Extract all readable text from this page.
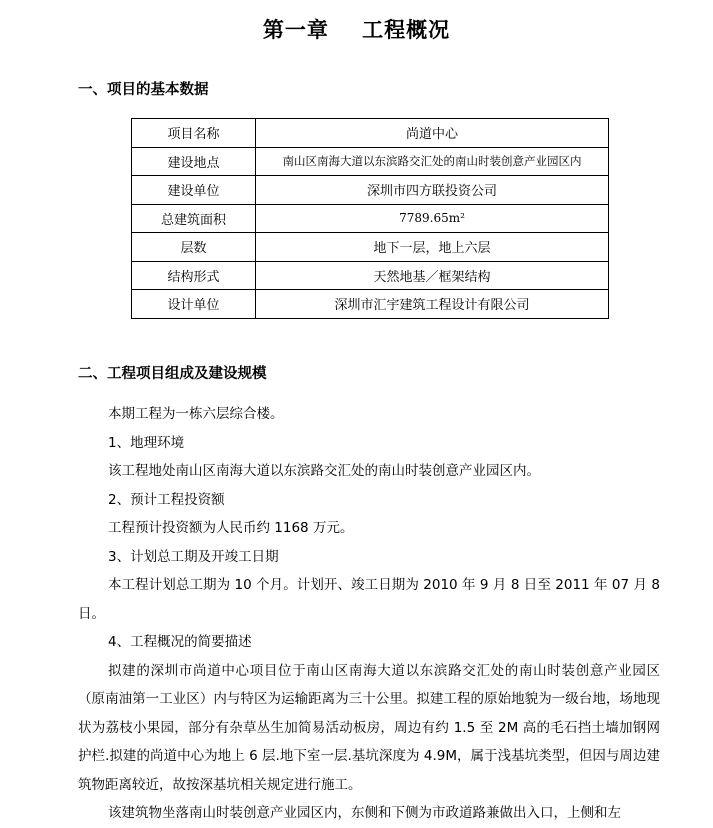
第一章    工程概况
一、项目的基本数据
项目名称	尚道中心
建设地点	南山区南海大道以东滨路交汇处的南山时装创意产业园区内
建设单位	深圳市四方联投资公司
总建筑面积	7789.65m²
层数	地下一层，地上六层
结构形式	天然地基／框架结构
设计单位	深圳市汇宇建筑工程设计有限公司
二、工程项目组成及建设规模
本期工程为一栋六层综合楼。
1、地理环境
该工程地处南山区南海大道以东滨路交汇处的南山时装创意产业园区内。
2、预计工程投资额
工程预计投资额为人民币约 1168 万元。
3、计划总工期及开竣工日期
本工程计划总工期为 10 个月。计划开、竣工日期为 2010 年 9 月 8 日至 2011 年 07 月 8 日。
4、工程概况的简要描述
拟建的深圳市尚道中心项目位于南山区南海大道以东滨路交汇处的南山时装创意产业园区（原南油第一工业区）内与特区为运输距离为三十公里。拟建工程的原始地貌为一级台地，场地现状为荔枝小果园，部分有杂草丛生加简易活动板房，周边有约 1.5 至 2M 高的毛石挡土墙加钢网护栏.拟建的尚道中心为地上 6 层.地下室一层.基坑深度为 4.9M，属于浅基坑类型，但因与周边建筑物距离较近，故按深基坑相关规定进行施工。
该建筑物坐落南山时装创意产业园区内，东侧和下侧为市政道路兼做出入口，上侧和左
